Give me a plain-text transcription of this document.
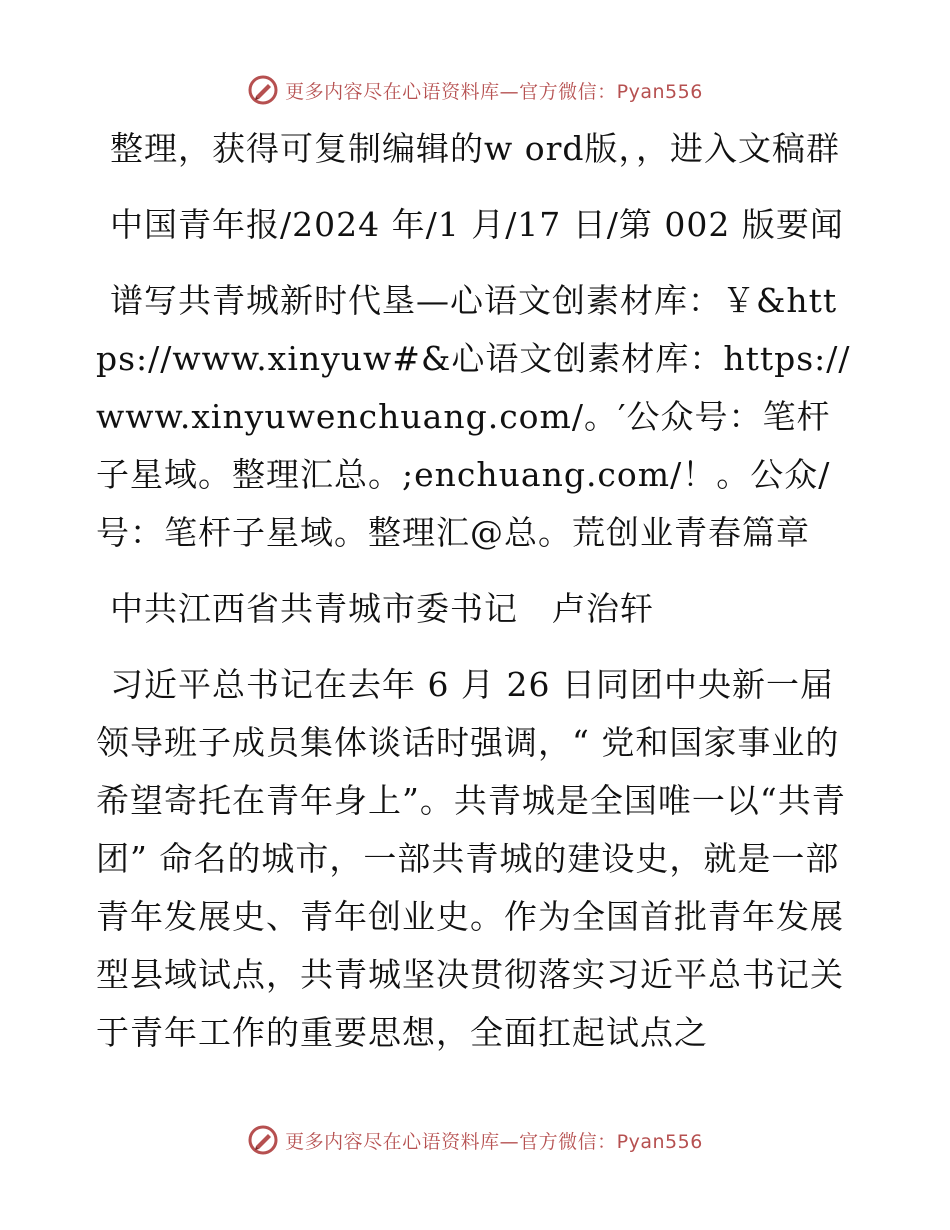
更多内容尽在心语资料库—官方微信：Pyan556

整理，获得可复制编辑的w ord版，，进入文稿群

中国青年报/2024 年/1 月/17 日/第 002 版要闻

谱写共青城新时代垦—心语文创素材库：￥&https://www.xinyuw#&心语文创素材库：https://www.xinyuwenchuang.com/。′公众号：笔杆子星域。整理汇总。;enchuang.com/！。公众/号：笔杆子星域。整理汇@总。荒创业青春篇章

中共江西省共青城市委书记　卢治轩

习近平总书记在去年 6 月 26 日同团中央新一届领导班子成员集体谈话时强调，“ 党和国家事业的希望寄托在青年身上”。共青城是全国唯一以“共青团” 命名的城市，一部共青城的建设史，就是一部青年发展史、青年创业史。作为全国首批青年发展型县域试点，共青城坚决贯彻落实习近平总书记关于青年工作的重要思想，全面扛起试点之

更多内容尽在心语资料库—官方微信：Pyan556
